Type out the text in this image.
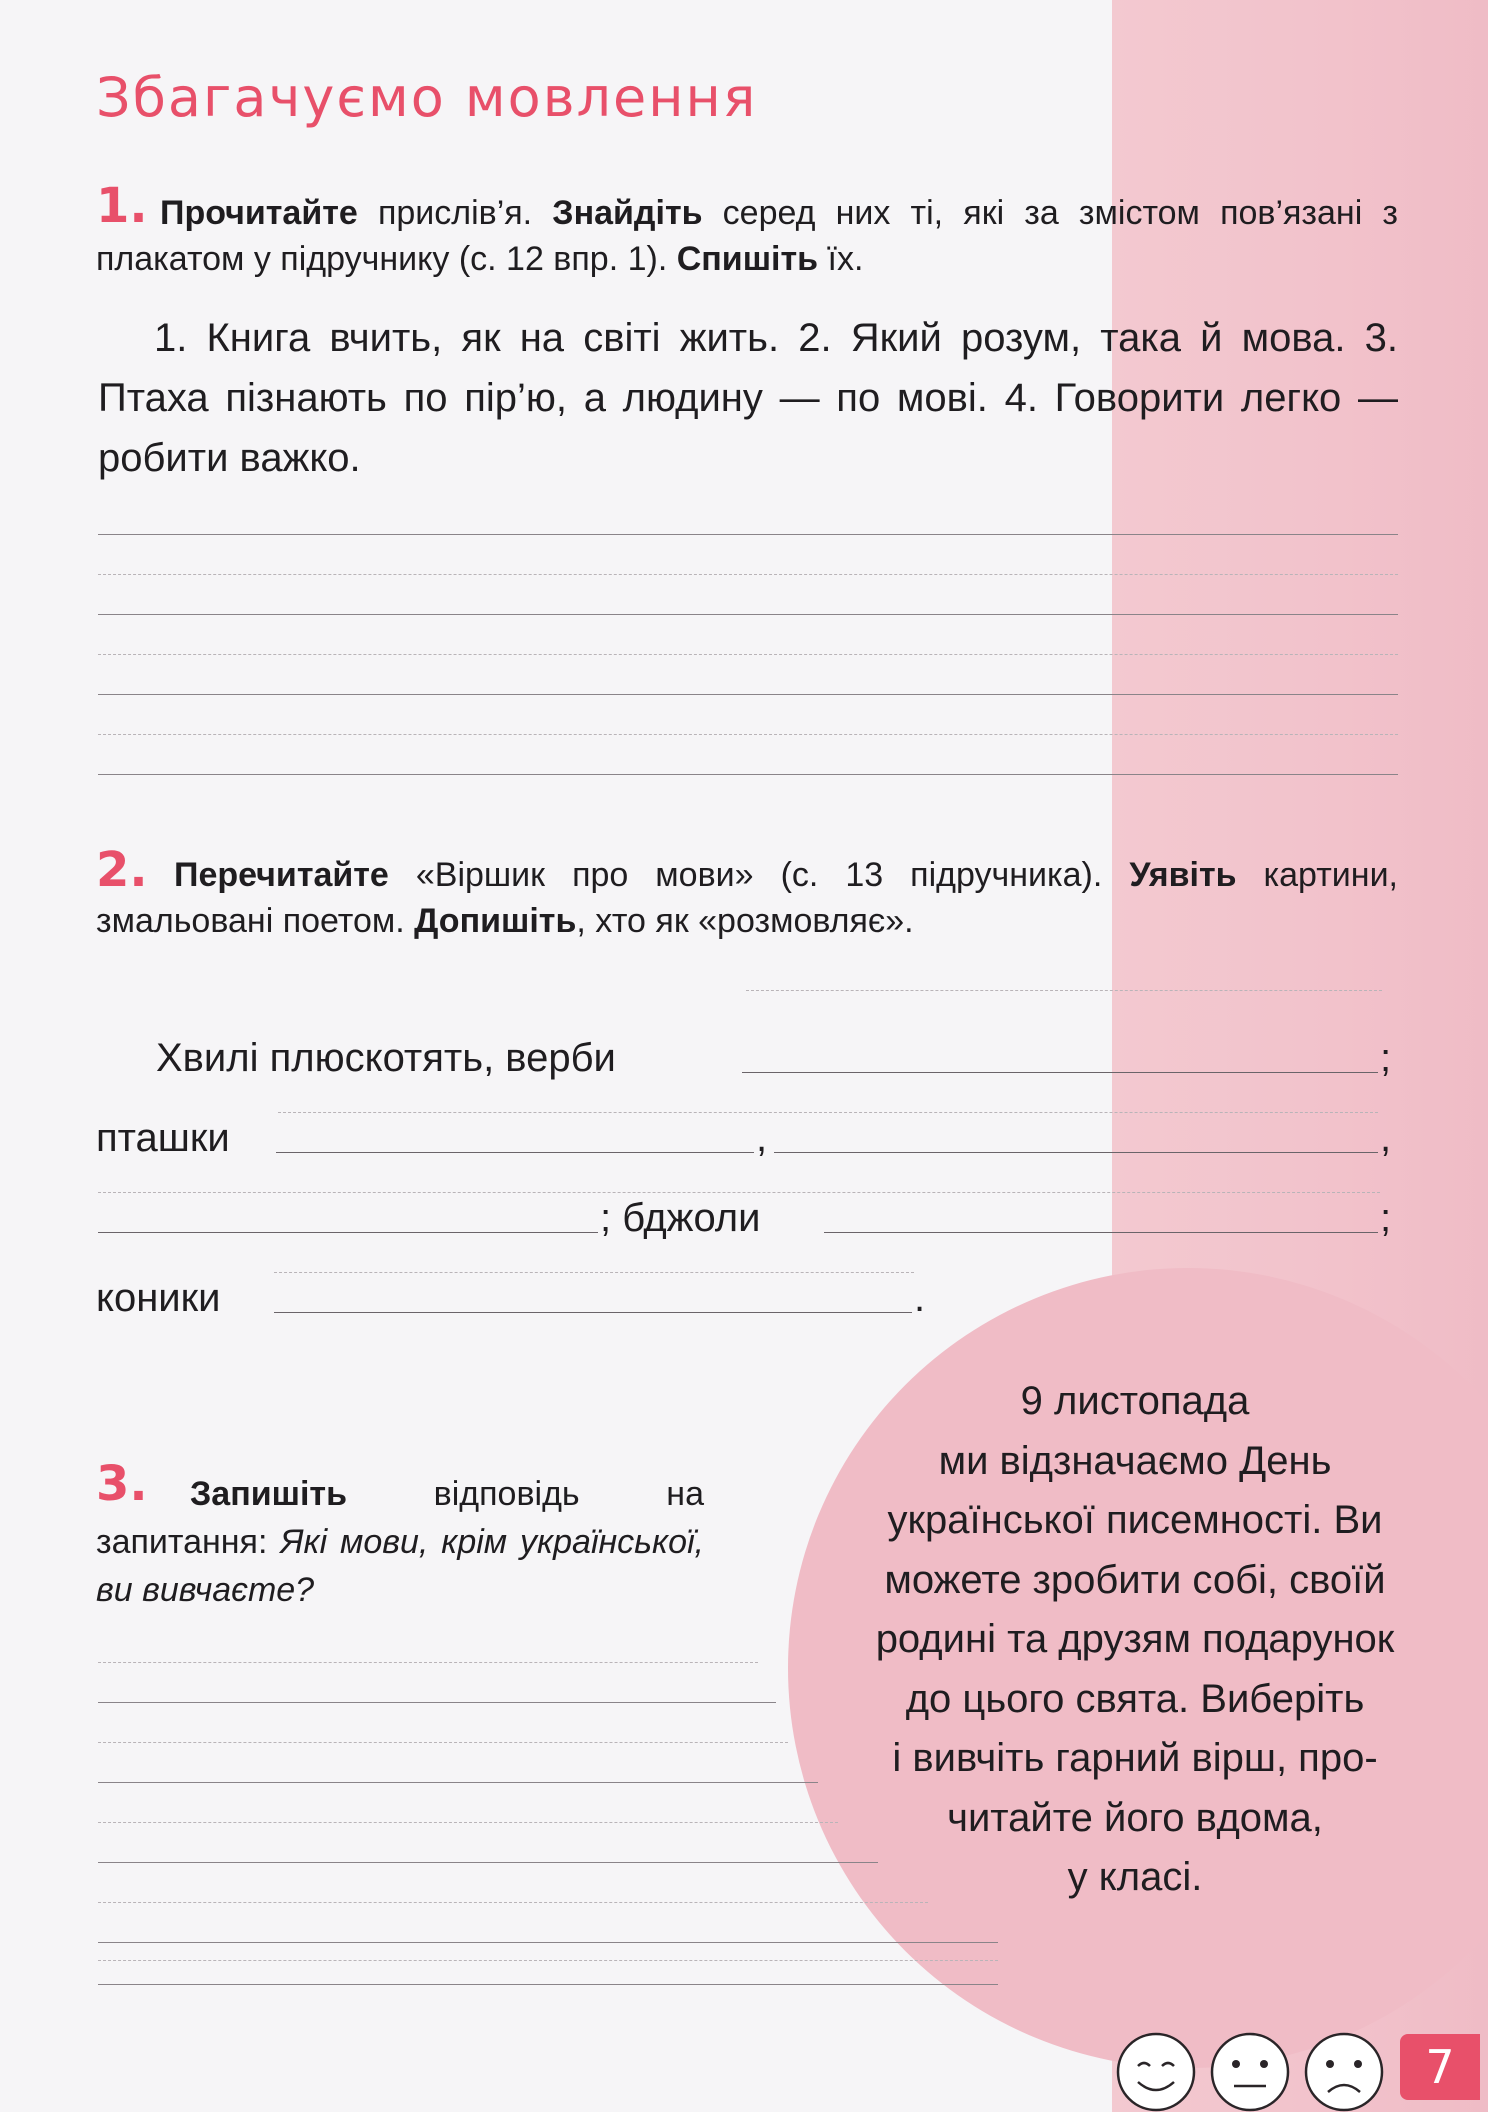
Збагачуємо мовлення
1. Прочитайте прислів’я. Знайдіть серед них ті, які за змістом пов’язані з плакатом у підручнику (с. 12 впр. 1). Спишіть їх.

1. Книга вчить, як на світі жить. 2. Який розум, така й мова. 3. Птаха пізнають по пір’ю, а людину — по мові. 4. Говорити легко — робити важко.

2. Перечитайте «Віршик про мови» (с. 13 підручника). Уявіть картини, змальовані поетом. Допишіть, хто як «розмовляє».

Хвилі плюскотять, верби	;
пташки	,	,
; бджоли	;
коники	.
9 листопада
ми відзначаємо День
української писемності. Ви
можете зробити собі, своїй
родині та друзям подарунок
до цього свята. Виберіть
і вивчіть гарний вірш, про-
читайте його вдома,
у класі.
3.	Запишіть відповідь на запитання: Які мови, крім української, ви вивчаєте?

7
